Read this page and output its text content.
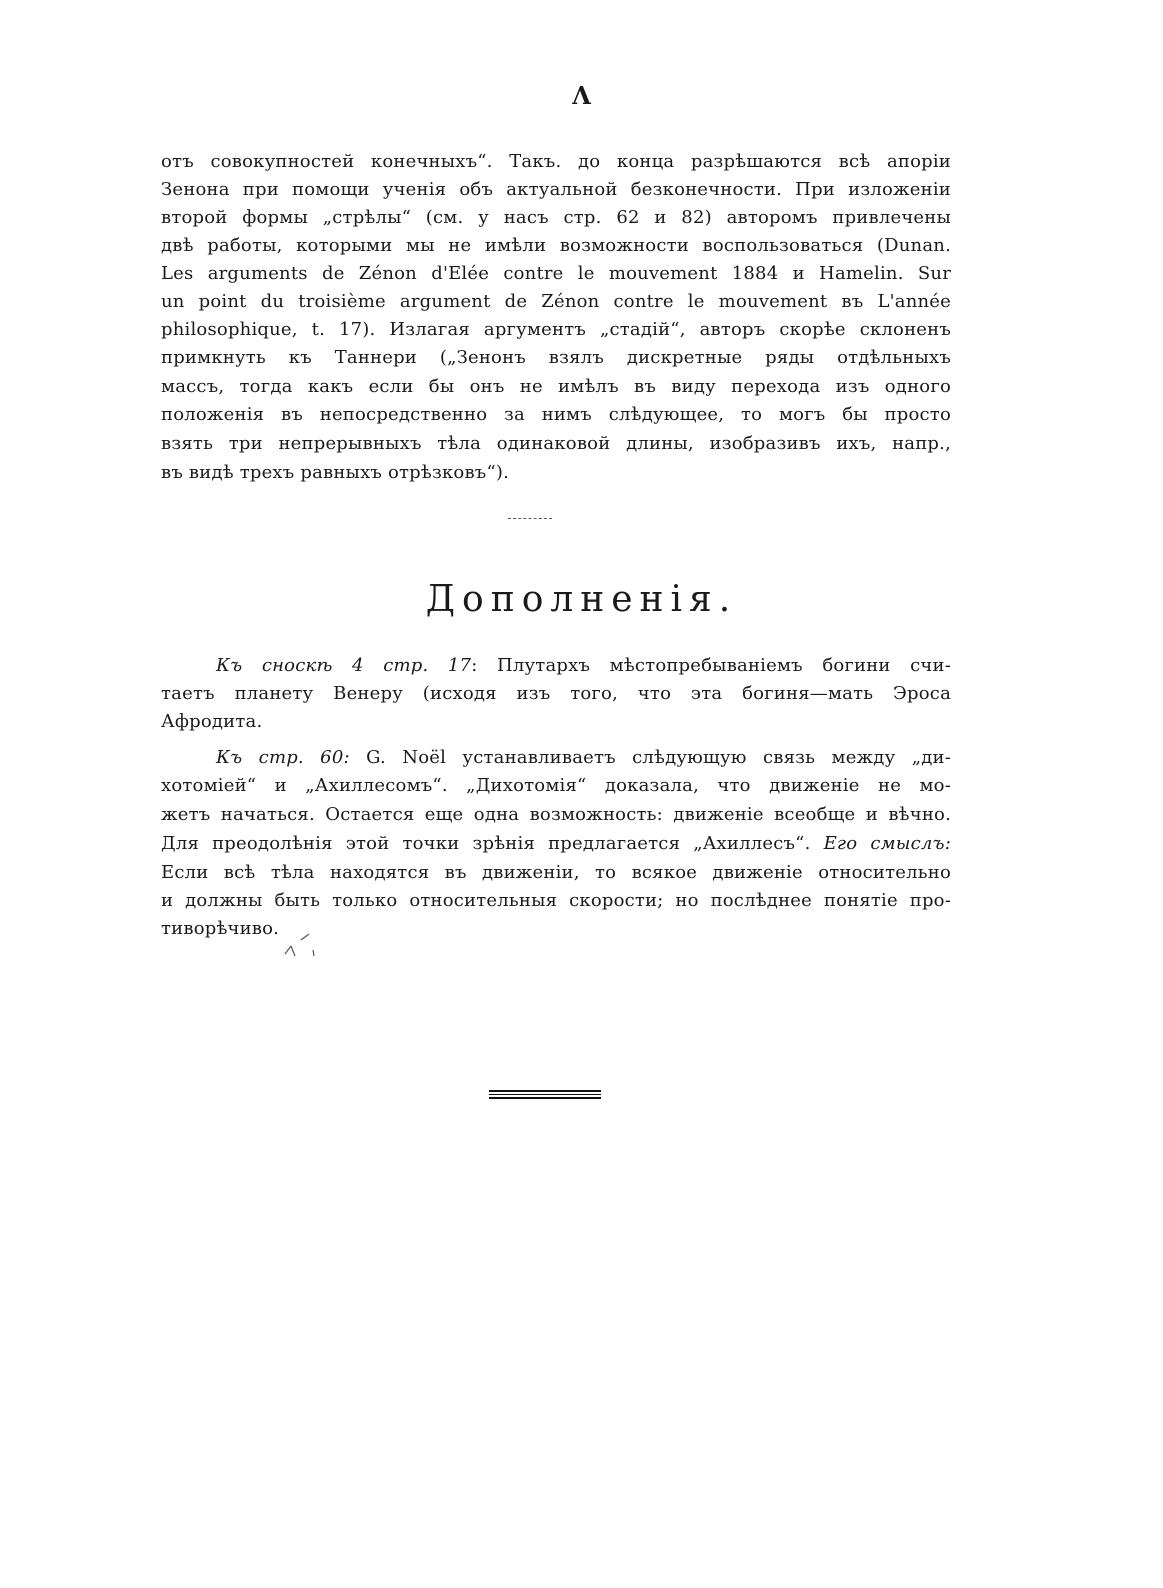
Λ
отъ совокупностей конечныхъ“. Такъ. до конца разрѣшаются всѣ апоріи
Зенона при помощи ученія объ актуальной безконечности. При изложеніи
второй формы „стрѣлы“ (см. у насъ стр. 62 и 82) авторомъ привлечены
двѣ работы, которыми мы не имѣли возможности воспользоваться (Dunan.
Les arguments de Zénon d'Elée contre le mouvement 1884 и Hamelin. Sur
un point du troisième argument de Zénon contre le mouvement въ L'année
philosophique, t. 17). Излагая аргументъ „стадій“, авторъ скорѣе склоненъ
примкнуть къ Таннери („Зенонъ взялъ дискретные ряды отдѣльныхъ
массъ, тогда какъ если бы онъ не имѣлъ въ виду перехода изъ одного
положенія въ непосредственно за нимъ слѣдующее, то могъ бы просто
взять три непрерывныхъ тѣла одинаковой длины, изобразивъ ихъ, напр.,
въ видѣ трехъ равныхъ отрѣзковъ“).
Дополненія.
Къ сноскѣ 4 стр. 17: Плутархъ мѣстопребываніемъ богини счи-
таетъ планету Венеру (исходя изъ того, что эта богиня—мать Эроса
Афродита.
Къ стр. 60: G. Noël устанавливаетъ слѣдующую связь между „ди-
хотоміей“ и „Ахиллесомъ“. „Дихотомія“ доказала, что движеніе не мо-
жетъ начаться. Остается еще одна возможность: движеніе всеобще и вѣчно.
Для преодолѣнія этой точки зрѣнія предлагается „Ахиллесъ“. Его смыслъ:
Если всѣ тѣла находятся въ движеніи, то всякое движеніе относительно
и должны быть только относительныя скорости; но послѣднее понятіе про-
тиворѣчиво.
